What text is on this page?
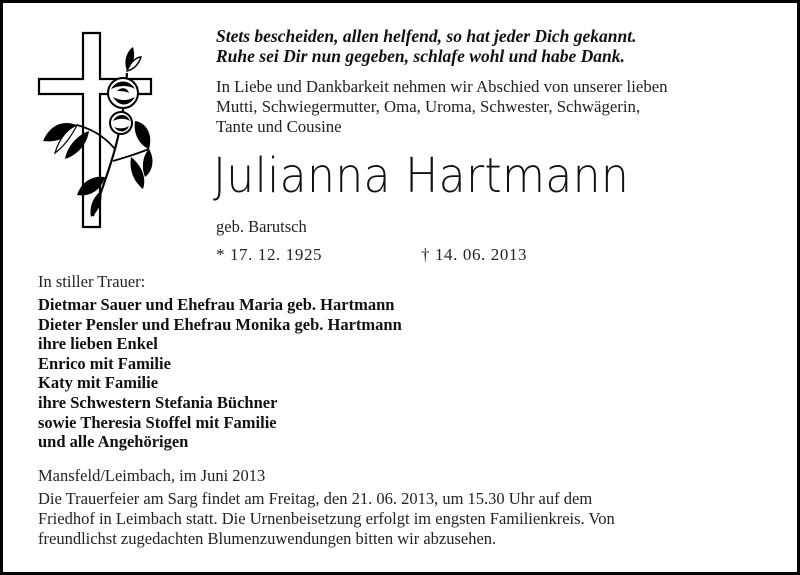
Stets bescheiden, allen helfend, so hat jeder Dich gekannt.
Ruhe sei Dir nun gegeben, schlafe wohl und habe Dank.
In Liebe und Dankbarkeit nehmen wir Abschied von unserer lieben
Mutti, Schwiegermutter, Oma, Uroma, Schwester, Schwägerin,
Tante und Cousine
Julianna Hartmann
geb. Barutsch
* 17. 12. 1925	† 14. 06. 2013
In stiller Trauer:
Dietmar Sauer und Ehefrau Maria geb. Hartmann
Dieter Pensler und Ehefrau Monika geb. Hartmann
ihre lieben Enkel
Enrico mit Familie
Katy mit Familie
ihre Schwestern Stefania Büchner
sowie Theresia Stoffel mit Familie
und alle Angehörigen
Mansfeld/Leimbach, im Juni 2013
Die Trauerfeier am Sarg findet am Freitag, den 21. 06. 2013, um 15.30 Uhr auf dem
Friedhof in Leimbach statt. Die Urnenbeisetzung erfolgt im engsten Familienkreis. Von
freundlichst zugedachten Blumenzuwendungen bitten wir abzusehen.
